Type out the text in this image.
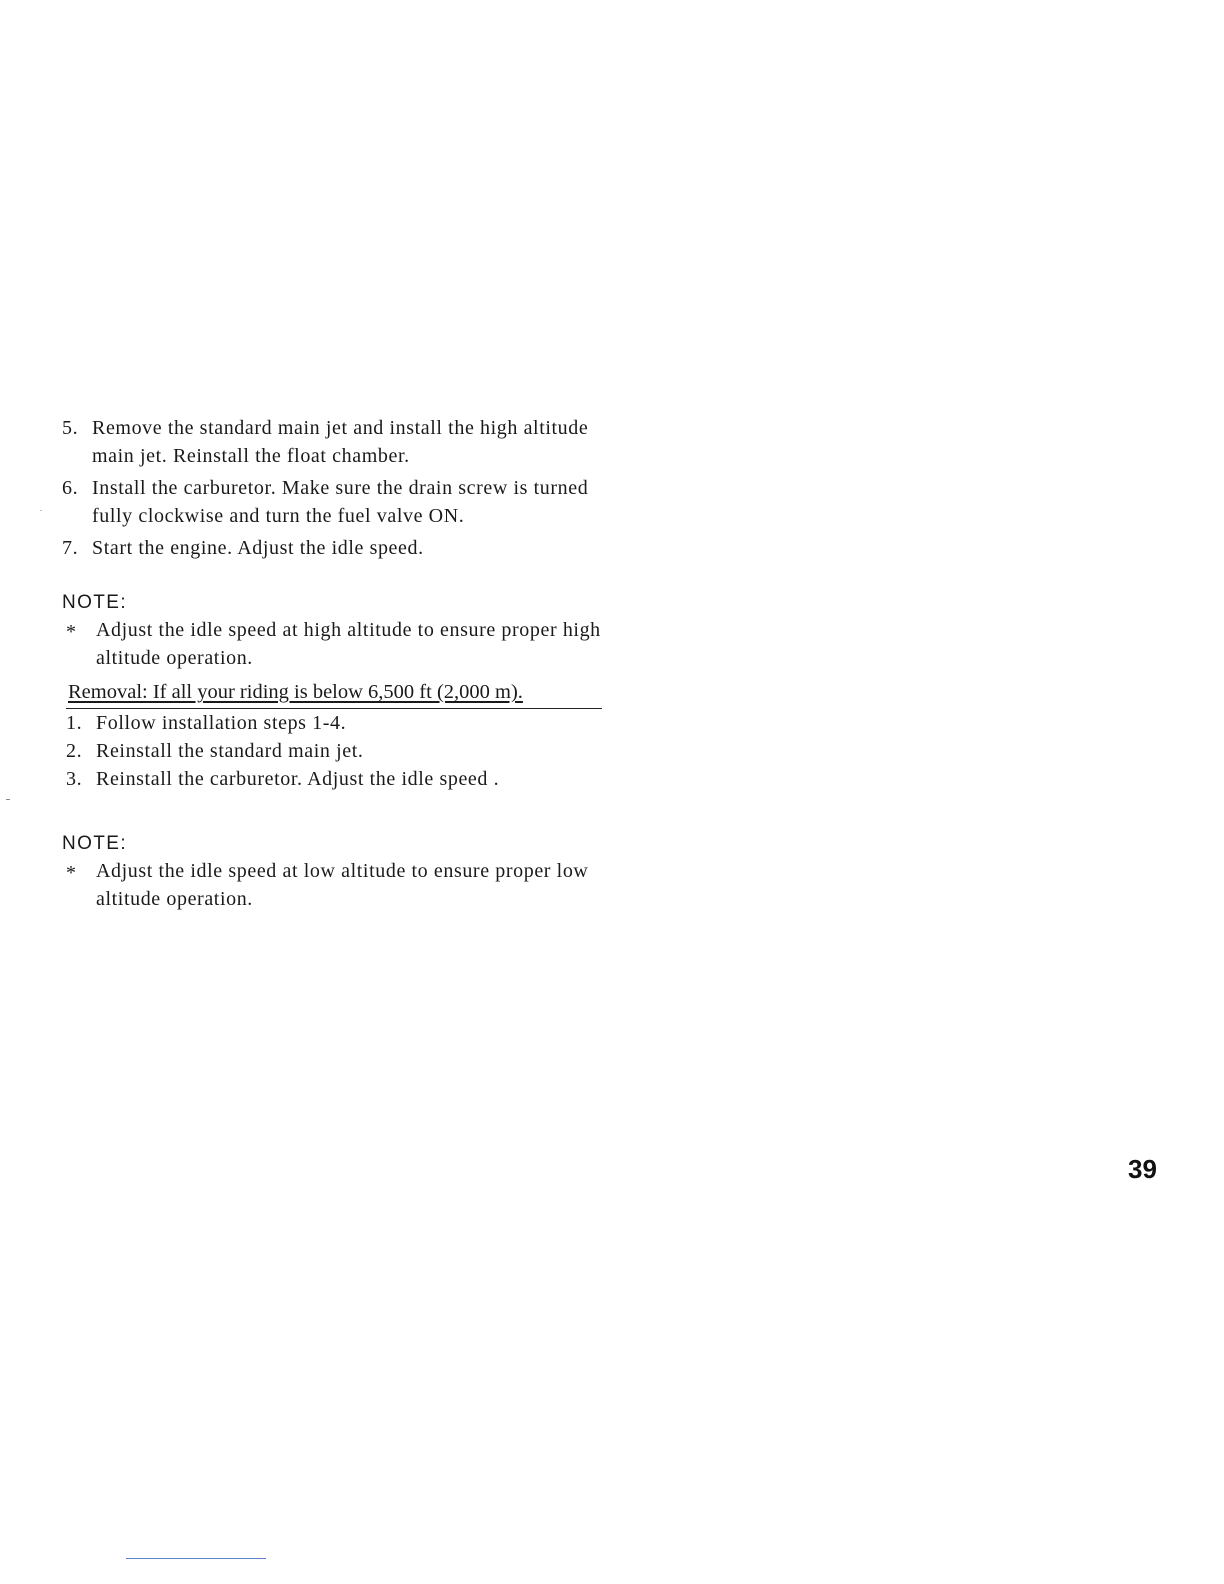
5. Remove the standard main jet and install the high altitude main jet. Reinstall the float chamber.
6. Install the carburetor. Make sure the drain screw is turned fully clockwise and turn the fuel valve ON.
7. Start the engine. Adjust the idle speed.
NOTE:
* Adjust the idle speed at high altitude to ensure proper high altitude operation.
Removal: If all your riding is below 6,500 ft (2,000 m).
1. Follow installation steps 1-4.
2. Reinstall the standard main jet.
3. Reinstall the carburetor. Adjust the idle speed .
NOTE:
* Adjust the idle speed at low altitude to ensure proper low altitude operation.
39
